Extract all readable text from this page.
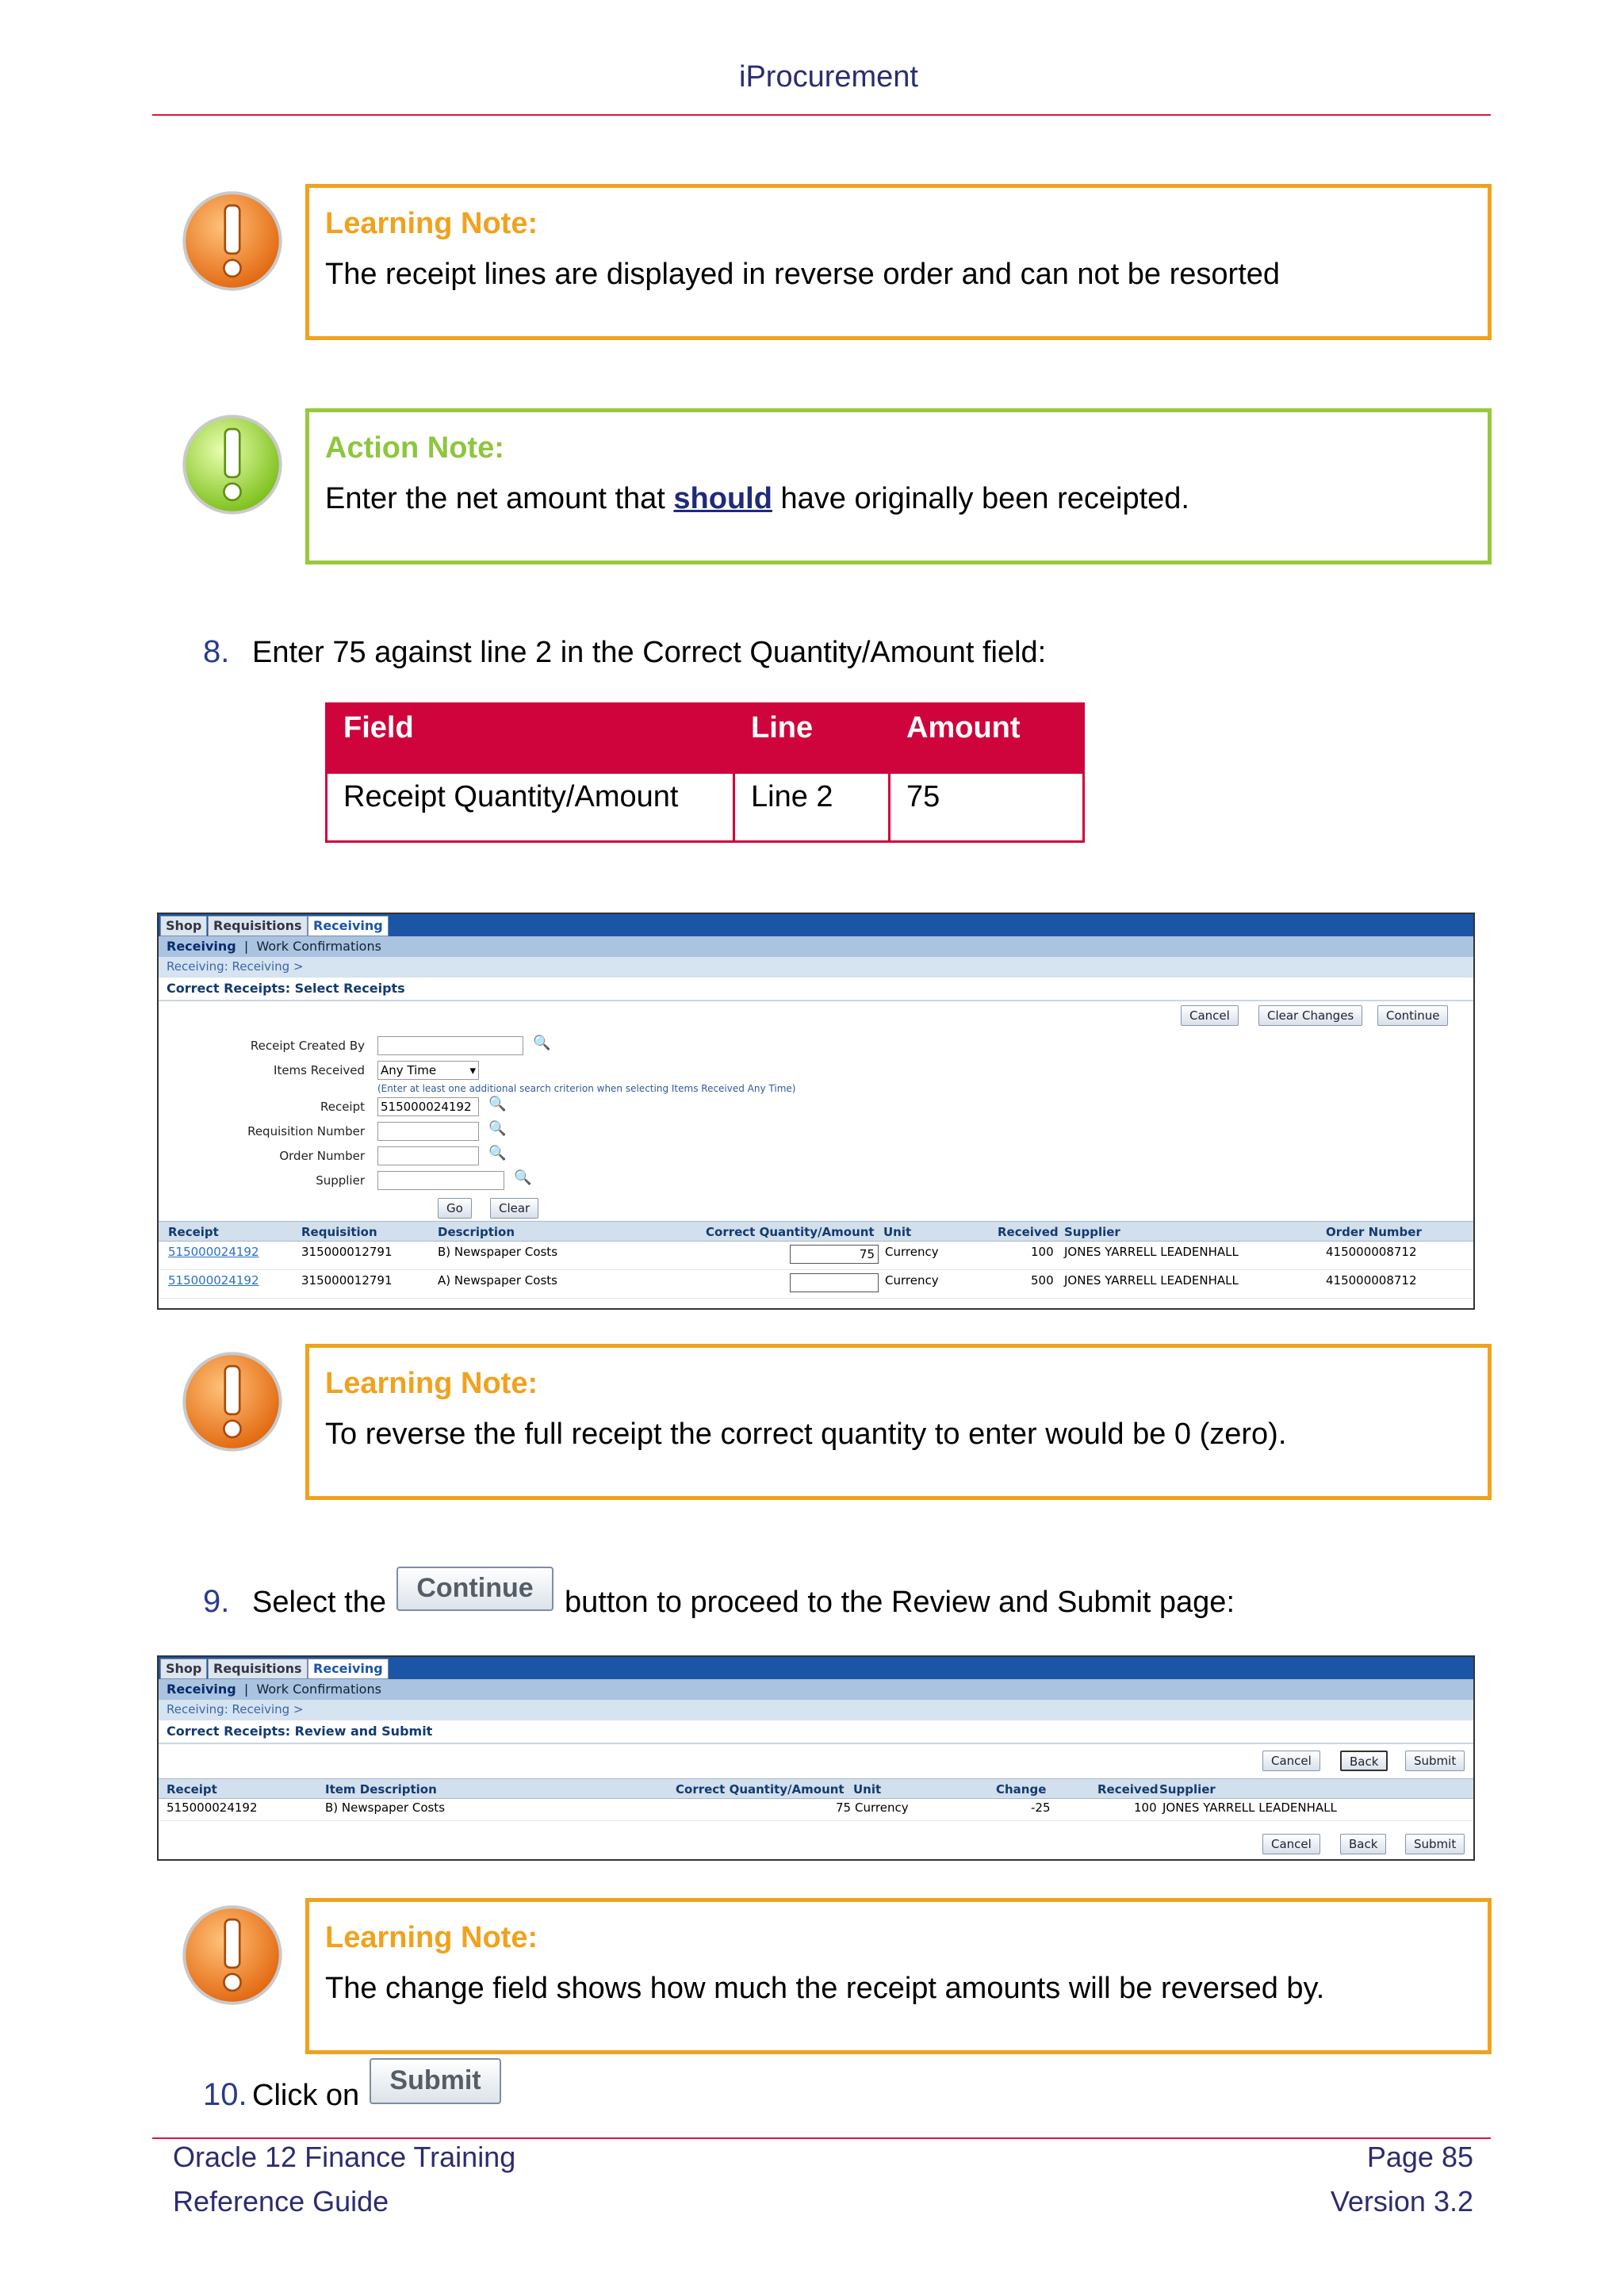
iProcurement
Learning Note:
The receipt lines are displayed in reverse order and can not be resorted
Action Note:
Enter the net amount that should have originally been receipted.
8. Enter 75 against line 2 in the Correct Quantity/Amount field:
Field	Line	Amount
Receipt Quantity/Amount	Line 2	75
Shop Requisitions Receiving
Receiving  |  Work Confirmations
Receiving: Receiving >
Correct Receipts: Select Receipts
Cancel	Clear Changes	Continue
Receipt Created By	🔍
Items Received Any Time	▾
(Enter at least one additional search criterion when selecting Items Received Any Time)
Receipt 515000024192	🔍
Requisition Number	🔍
Order Number	🔍
Supplier	🔍
Go	Clear
Receipt	Requisition	Description	Correct Quantity/Amount Unit	Received Supplier	Order Number
515000024192	315000012791	B) Newspaper Costs	75 Currency	100 JONES YARRELL LEADENHALL	415000008712
515000024192	315000012791	A) Newspaper Costs	Currency	500 JONES YARRELL LEADENHALL	415000008712
Learning Note:
To reverse the full receipt the correct quantity to enter would be 0 (zero).
9. Select the	Continue	button to proceed to the Review and Submit page:
Shop Requisitions Receiving
Receiving  |  Work Confirmations
Receiving: Receiving >
Correct Receipts: Review and Submit
Cancel	Back	Submit
Receipt	Item Description	Correct Quantity/Amount Unit	Change	Received Supplier
515000024192	B) Newspaper Costs	75 Currency	-25	100 JONES YARRELL LEADENHALL
Cancel	Back	Submit
Learning Note:
The change field shows how much the receipt amounts will be reversed by.
10. Click on	Submit
Oracle 12 Finance Training
Reference Guide
Page 85
Version 3.2
